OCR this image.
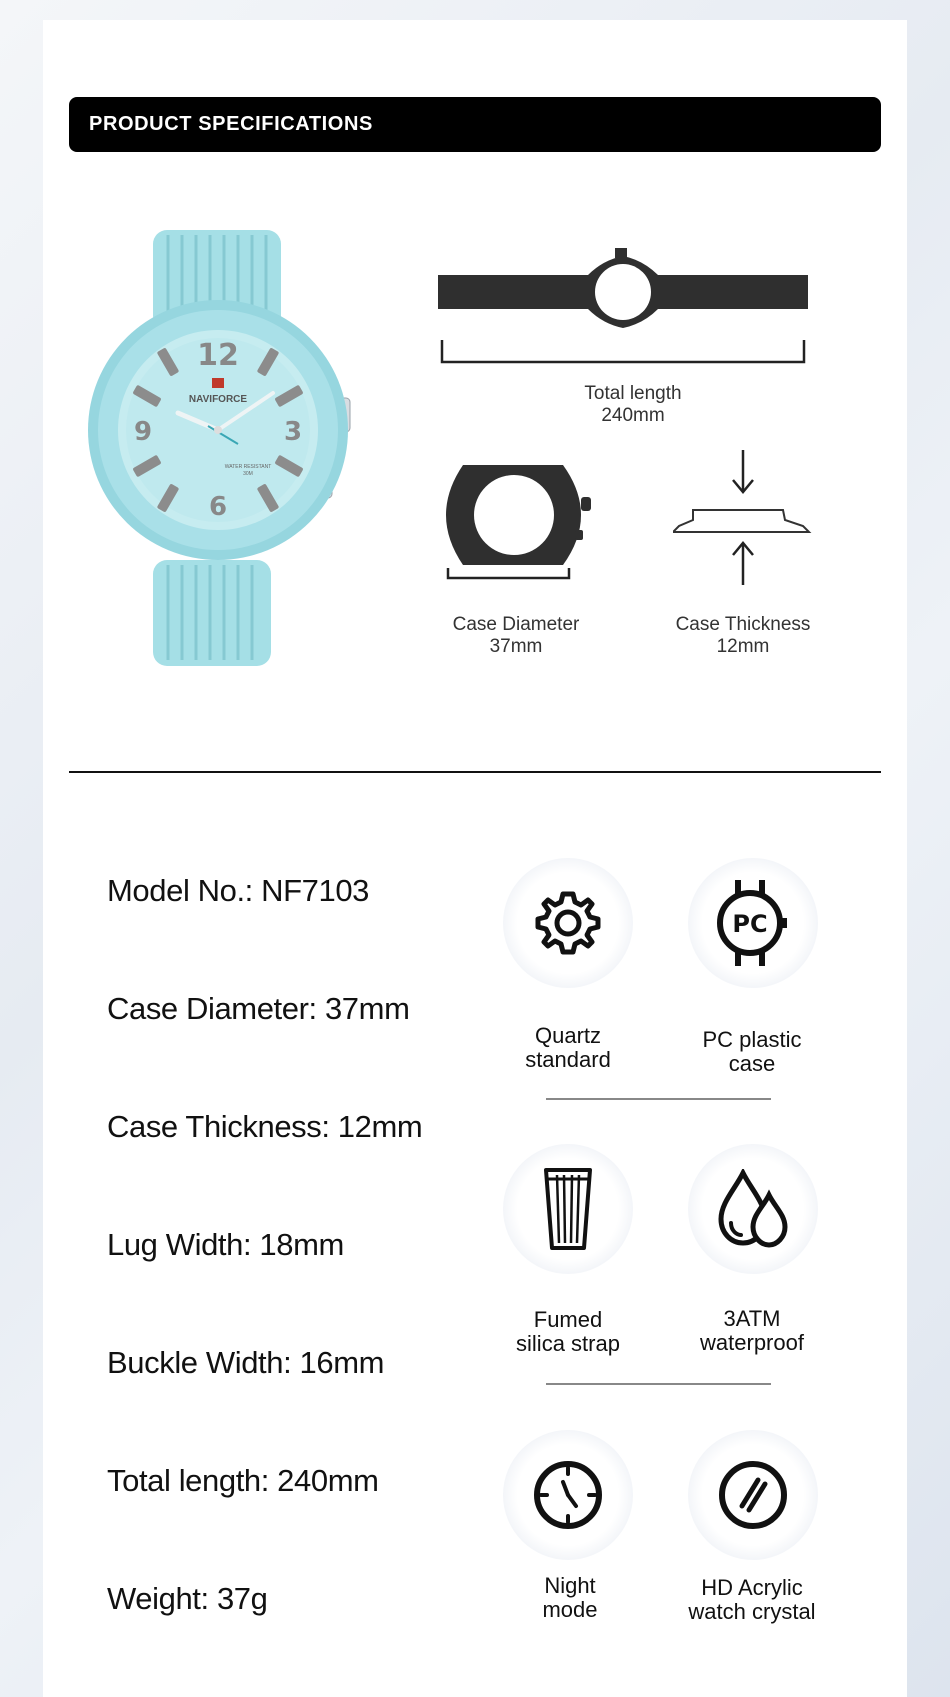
PRODUCT SPECIFICATIONS
12
3
6
9
NAVIFORCE
WATER RESISTANT
30M
Total length
240mm
Case Diameter
37mm
Case Thickness
12mm
Model No.: NF7103
Case Diameter: 37mm
Case Thickness: 12mm
Lug Width: 18mm
Buckle Width: 16mm
Total length: 240mm
Weight: 37g
PC
Quartz
standard
PC plastic
case
Fumed
silica strap
3ATM
waterproof
Night
mode
HD Acrylic
watch crystal
